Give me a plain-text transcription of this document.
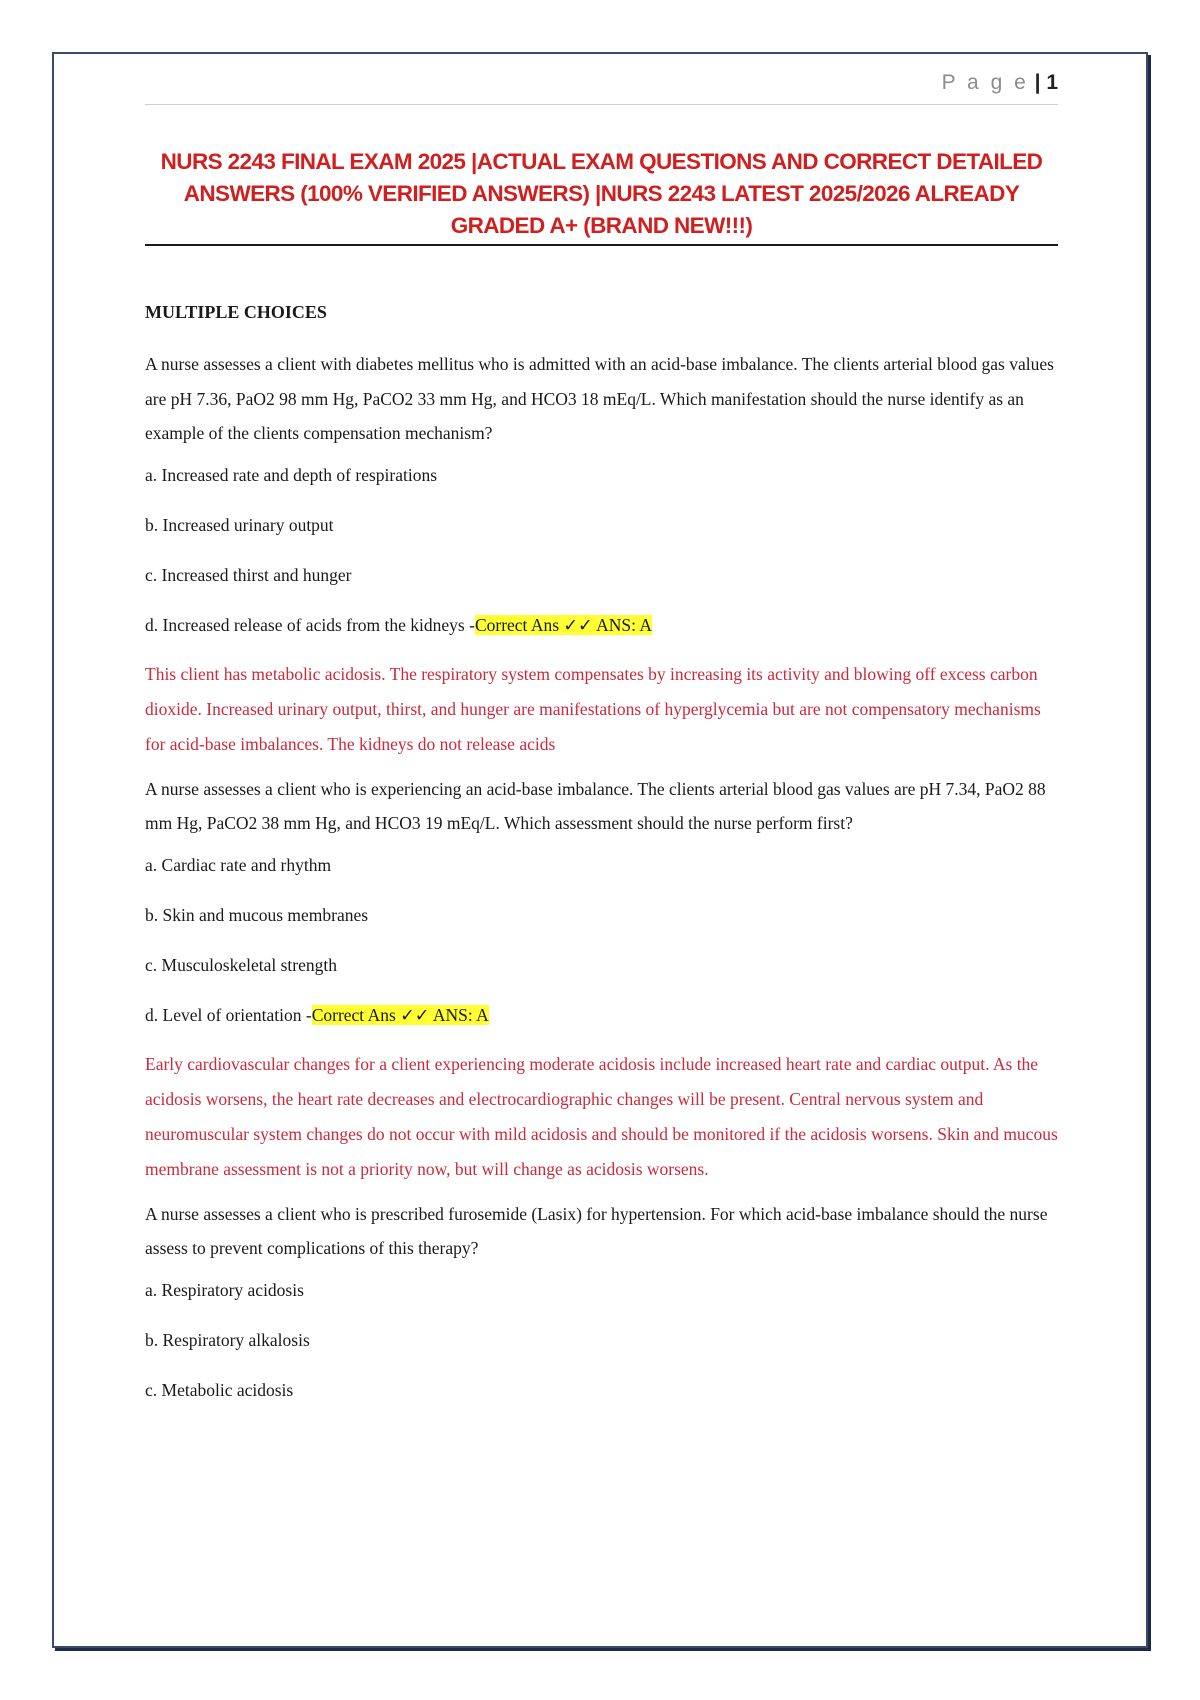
P a g e | 1
NURS 2243 FINAL EXAM 2025 |ACTUAL EXAM QUESTIONS AND CORRECT DETAILED
ANSWERS (100% VERIFIED ANSWERS) |NURS 2243 LATEST 2025/2026 ALREADY
GRADED A+ (BRAND NEW!!!)
MULTIPLE CHOICES
A nurse assesses a client with diabetes mellitus who is admitted with an acid-base imbalance. The clients arterial blood gas values are pH 7.36, PaO2 98 mm Hg, PaCO2 33 mm Hg, and HCO3 18 mEq/L. Which manifestation should the nurse identify as an example of the clients compensation mechanism?
a. Increased rate and depth of respirations
b. Increased urinary output
c. Increased thirst and hunger
d. Increased release of acids from the kidneys -Correct Ans ✓✓ ANS: A
This client has metabolic acidosis. The respiratory system compensates by increasing its activity and blowing off excess carbon dioxide. Increased urinary output, thirst, and hunger are manifestations of hyperglycemia but are not compensatory mechanisms for acid-base imbalances. The kidneys do not release acids
A nurse assesses a client who is experiencing an acid-base imbalance. The clients arterial blood gas values are pH 7.34, PaO2 88 mm Hg, PaCO2 38 mm Hg, and HCO3 19 mEq/L. Which assessment should the nurse perform first?
a. Cardiac rate and rhythm
b. Skin and mucous membranes
c. Musculoskeletal strength
d. Level of orientation -Correct Ans ✓✓ ANS: A
Early cardiovascular changes for a client experiencing moderate acidosis include increased heart rate and cardiac output. As the acidosis worsens, the heart rate decreases and electrocardiographic changes will be present. Central nervous system and neuromuscular system changes do not occur with mild acidosis and should be monitored if the acidosis worsens. Skin and mucous membrane assessment is not a priority now, but will change as acidosis worsens.
A nurse assesses a client who is prescribed furosemide (Lasix) for hypertension. For which acid-base imbalance should the nurse assess to prevent complications of this therapy?
a. Respiratory acidosis
b. Respiratory alkalosis
c. Metabolic acidosis
